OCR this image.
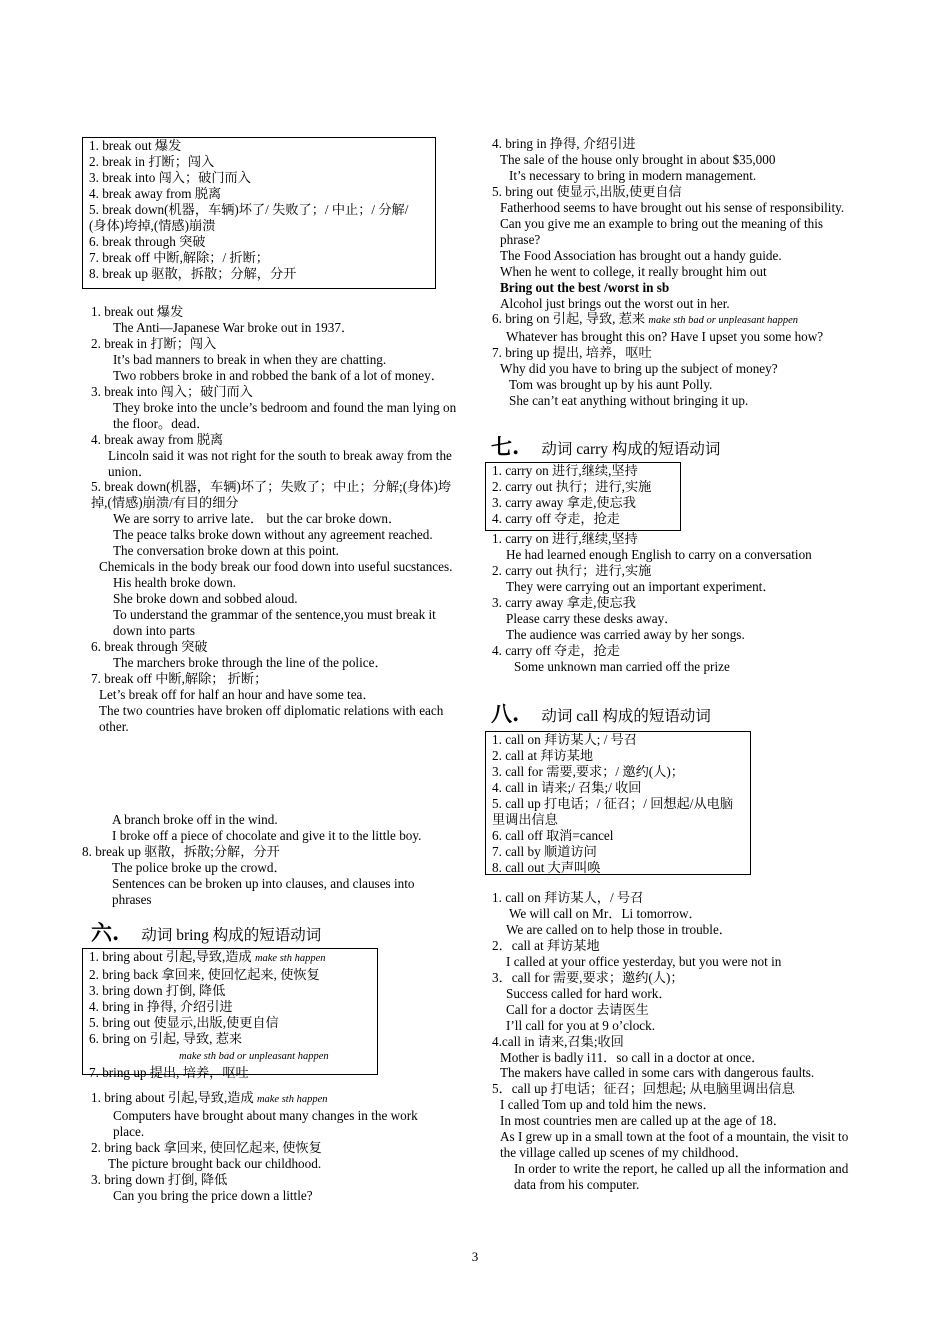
1. break out 爆发
2. break in 打断；闯入
3. break into 闯入；破门而入
4. break away from 脱离
5. break down(机器，车辆)坏了/ 失败了；/ 中止；/ 分解/ (身体)垮掉,(情感)崩溃
6. break through 突破
7. break off 中断,解除；/ 折断；
8. break up 驱散，拆散；分解，分开
1. break out 爆发
The Anti—Japanese War broke out in 1937．
2. break in 打断；闯入
It’s bad manners to break in when they are chatting.
Two robbers broke in and robbed the bank of a lot of money．
3. break into 闯入；破门而入
They broke into the uncle’s bedroom and found the man lying on the floor。dead．
4. break away from 脱离
Lincoln said it was not right for the south to break away from the union．
5. break down(机器，车辆)坏了；失败了；中止；分解;(身体)垮掉,(情感)崩溃/有目的细分
We are sorry to arrive late． but the car broke down．
The peace talks broke down without any agreement reached.
The conversation broke down at this point.
Chemicals in the body break our food down into useful sucstances.
His health broke down.
She broke down and sobbed aloud.
To understand the grammar of the sentence,you must break it down into parts
6. break through 突破
The marchers broke through the line of the police．
7. break off 中断,解除； 折断；
Let’s break off for half an hour and have some tea．
The two countries have broken off diplomatic relations with each other.
A branch broke off in the wind.
I broke off a piece of chocolate and give it to the little boy.
8. break up 驱散，拆散;分解，分开
The police broke up the crowd．
Sentences can be broken up into clauses, and clauses into phrases
六. 动词 bring 构成的短语动词
1. bring about 引起,导致,造成 make sth happen
2. bring back 拿回来, 使回忆起来, 使恢复
3. bring down 打倒, 降低
4. bring in 挣得, 介绍引进
5. bring out 使显示,出版,使更自信
6. bring on 引起, 导致, 惹来
make sth bad or unpleasant happen
7. bring up 提出, 培养，呕吐
1. bring about 引起,导致,造成 make sth happen
Computers have brought about many changes in the work place.
2. bring back 拿回来, 使回忆起来, 使恢复
The picture brought back our childhood.
3. bring down 打倒, 降低
Can you bring the price down a little?
4. bring in 挣得, 介绍引进
The sale of the house only brought in about $35,000
It’s necessary to bring in modern management.
5. bring out 使显示,出版,使更自信
Fatherhood seems to have brought out his sense of responsibility.
Can you give me an example to bring out the meaning of this phrase?
The Food Association has brought out a handy guide.
When he went to college, it really brought him out
Bring out the best /worst in sb
Alcohol just brings out the worst out in her.
6. bring on 引起, 导致, 惹来 make sth bad or unpleasant happen
Whatever has brought this on? Have I upset you some how?
7. bring up 提出, 培养，呕吐
Why did you have to bring up the subject of money?
Tom was brought up by his aunt Polly.
She can’t eat anything without bringing it up.
七. 动词 carry 构成的短语动词
1. carry on 进行,继续,坚持
2. carry out 执行；进行,实施
3. carry away 拿走,使忘我
4. carry off 夺走，抢走
1. carry on 进行,继续,坚持
He had learned enough English to carry on a conversation
2. carry out 执行；进行,实施
They were carrying out an important experiment．
3. carry away 拿走,使忘我
Please carry these desks away．
The audience was carried away by her songs.
4. carry off 夺走，抢走
Some unknown man carried off the prize
八. 动词 call 构成的短语动词
1. call on 拜访某人; / 号召
2. call at 拜访某地
3. call for 需要,要求；/ 邀约(人)；
4. call in 请来;/ 召集;/ 收回
5. call up 打电话；/ 征召；/ 回想起/从电脑里调出信息
6. call off 取消=cancel
7. call by 顺道访问
8. call out 大声叫唤
1. call on 拜访某人，/ 号召
We will call on Mr．Li tomorrow．
We are called on to help those in trouble．
2．call at 拜访某地
I called at your office yesterday, but you were not in
3．call for 需要,要求；邀约(人)；
Success called for hard work．
Call for a doctor 去请医生
I’ll call for you at 9 o’clock.
4.call in 请来,召集;收回
Mother is badly i11．so call in a doctor at once．
The makers have called in some cars with dangerous faults.
5．call up 打电话；征召；回想起; 从电脑里调出信息
I called Tom up and told him the news．
In most countries men are called up at the age of 18．
As I grew up in a small town at the foot of a mountain, the visit to the village called up scenes of my childhood．
In order to write the report, he called up all the information and data from his computer.
3
